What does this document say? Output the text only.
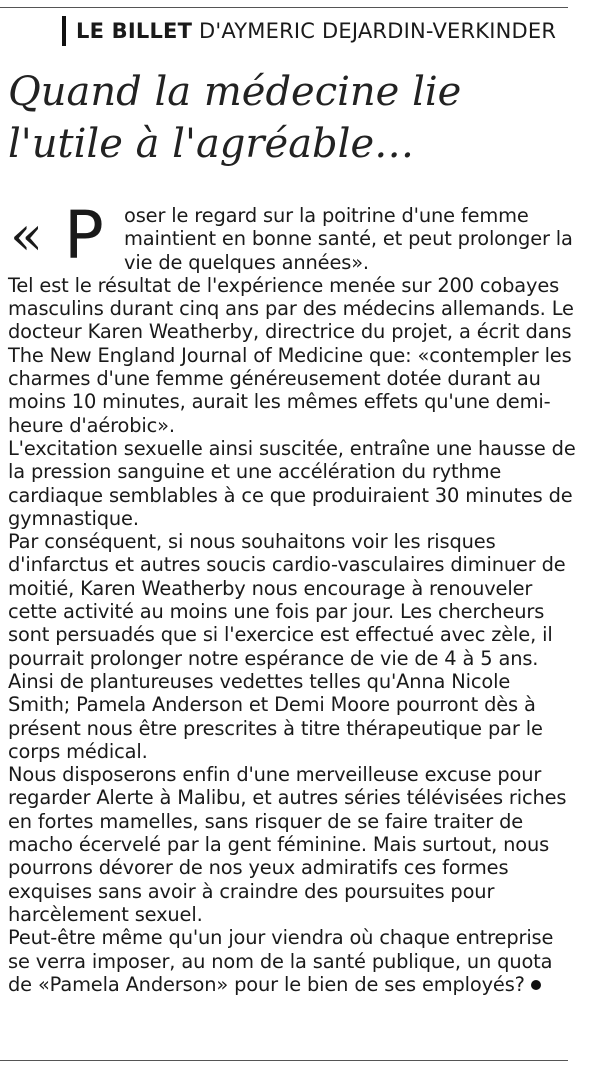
LE BILLET D'AYMERIC DEJARDIN-VERKINDER
Quand la médecine lie l'utile à l'agréable…

« P oser le regard sur la poitrine d'une femme maintient en bonne santé, et peut prolonger la vie de quelques années».

Tel est le résultat de l'expérience menée sur 200 cobayes masculins durant cinq ans par des médecins allemands. Le docteur Karen Weatherby, directrice du projet, a écrit dans The New England Journal of Medicine que: «contempler les charmes d'une femme généreusement dotée durant au moins 10 minutes, aurait les mêmes effets qu'une demi-heure d'aérobic».

L'excitation sexuelle ainsi suscitée, entraîne une hausse de la pression sanguine et une accélération du rythme cardiaque semblables à ce que produiraient 30 minutes de gymnastique.

Par conséquent, si nous souhaitons voir les risques d'infarctus et autres soucis cardio-vasculaires diminuer de moitié, Karen Weatherby nous encourage à renouveler cette activité au moins une fois par jour. Les chercheurs sont persuadés que si l'exercice est effectué avec zèle, il pourrait prolonger notre espérance de vie de 4 à 5 ans.

Ainsi de plantureuses vedettes telles qu'Anna Nicole Smith; Pamela Anderson et Demi Moore pourront dès à présent nous être prescrites à titre thérapeutique par le corps médical.

Nous disposerons enfin d'une merveilleuse excuse pour regarder Alerte à Malibu, et autres séries télévisées riches en fortes mamelles, sans risquer de se faire traiter de macho écervelé par la gent féminine. Mais surtout, nous pourrons dévorer de nos yeux admiratifs ces formes exquises sans avoir à craindre des poursuites pour harcèlement sexuel.

Peut-être même qu'un jour viendra où chaque entreprise se verra imposer, au nom de la santé publique, un quota de «Pamela Anderson» pour le bien de ses employés?
